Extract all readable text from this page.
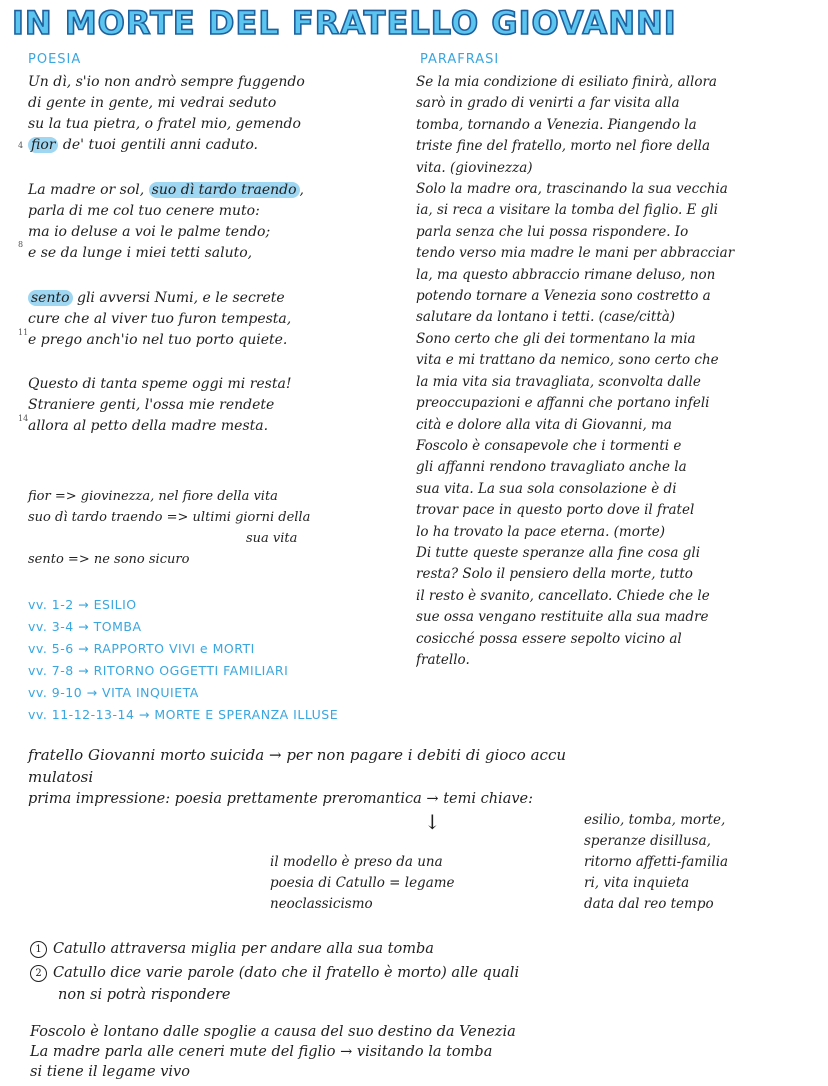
IN MORTE DEL FRATELLO GIOVANNI
POESIA	PARAFRASI
Un dì, s'io non andrò sempre fuggendo
di gente in gente, mi vedrai seduto
su la tua pietra, o fratel mio, gemendo
4 fior de' tuoi gentili anni caduto.
La madre or sol, suo dì tardo traendo ,
parla di me col tuo cenere muto:
ma io deluse a voi le palme tendo;
8
e se da lunge i miei tetti saluto,
sento gli avversi Numi, e le secrete
cure che al viver tuo furon tempesta,
11 e prego anch'io nel tuo porto quiete.
Questo di tanta speme oggi mi resta!
Straniere genti, l'ossa mie rendete
14 allora al petto della madre mesta.
Se la mia condizione di esiliato finirà, allora
sarò in grado di venirti a far visita alla
tomba, tornando a Venezia. Piangendo la
triste fine del fratello, morto nel fiore della
vita. (giovinezza)
Solo la madre ora, trascinando la sua vecchia
ia, si reca a visitare la tomba del figlio. E gli
parla senza che lui possa rispondere. Io
tendo verso mia madre le mani per abbracciar
la, ma questo abbraccio rimane deluso, non
potendo tornare a Venezia sono costretto a
salutare da lontano i tetti. (case/città)
Sono certo che gli dei tormentano la mia
vita e mi trattano da nemico, sono certo che
la mia vita sia travagliata, sconvolta dalle
preoccupazioni e affanni che portano infeli
cità e dolore alla vita di Giovanni, ma
Foscolo è consapevole che i tormenti e
gli affanni rendono travagliato anche la
sua vita. La sua sola consolazione è di
trovar pace in questo porto dove il fratel
lo ha trovato la pace eterna. (morte)
Di tutte queste speranze alla fine cosa gli
resta? Solo il pensiero della morte, tutto
il resto è svanito, cancellato. Chiede che le
sue ossa vengano restituite alla sua madre
cosicché possa essere sepolto vicino al
fratello.
fior => giovinezza, nel fiore della vita
suo dì tardo traendo => ultimi giorni della
sua vita
sento => ne sono sicuro
vv. 1-2 → ESILIO
vv. 3-4 → TOMBA
vv. 5-6 → RAPPORTO VIVI e MORTI
vv. 7-8 → RITORNO OGGETTI FAMILIARI
vv. 9-10 → VITA INQUIETA
vv. 11-12-13-14 → MORTE E SPERANZA ILLUSE
fratello Giovanni morto suicida → per non pagare i debiti di gioco accu
mulatosi
prima impressione: poesia prettamente preromantica → temi chiave:
↓	esilio, tomba, morte,
speranze disillusa,
ritorno affetti-familia
ri, vita inquieta
data dal reo tempo
il modello è preso da una
poesia di Catullo = legame
neoclassicismo
1 Catullo attraversa miglia per andare alla sua tomba
2 Catullo dice varie parole (dato che il fratello è morto) alle quali
non si potrà rispondere
Foscolo è lontano dalle spoglie a causa del suo destino da Venezia
La madre parla alle ceneri mute del figlio → visitando la tomba
si tiene il legame vivo
